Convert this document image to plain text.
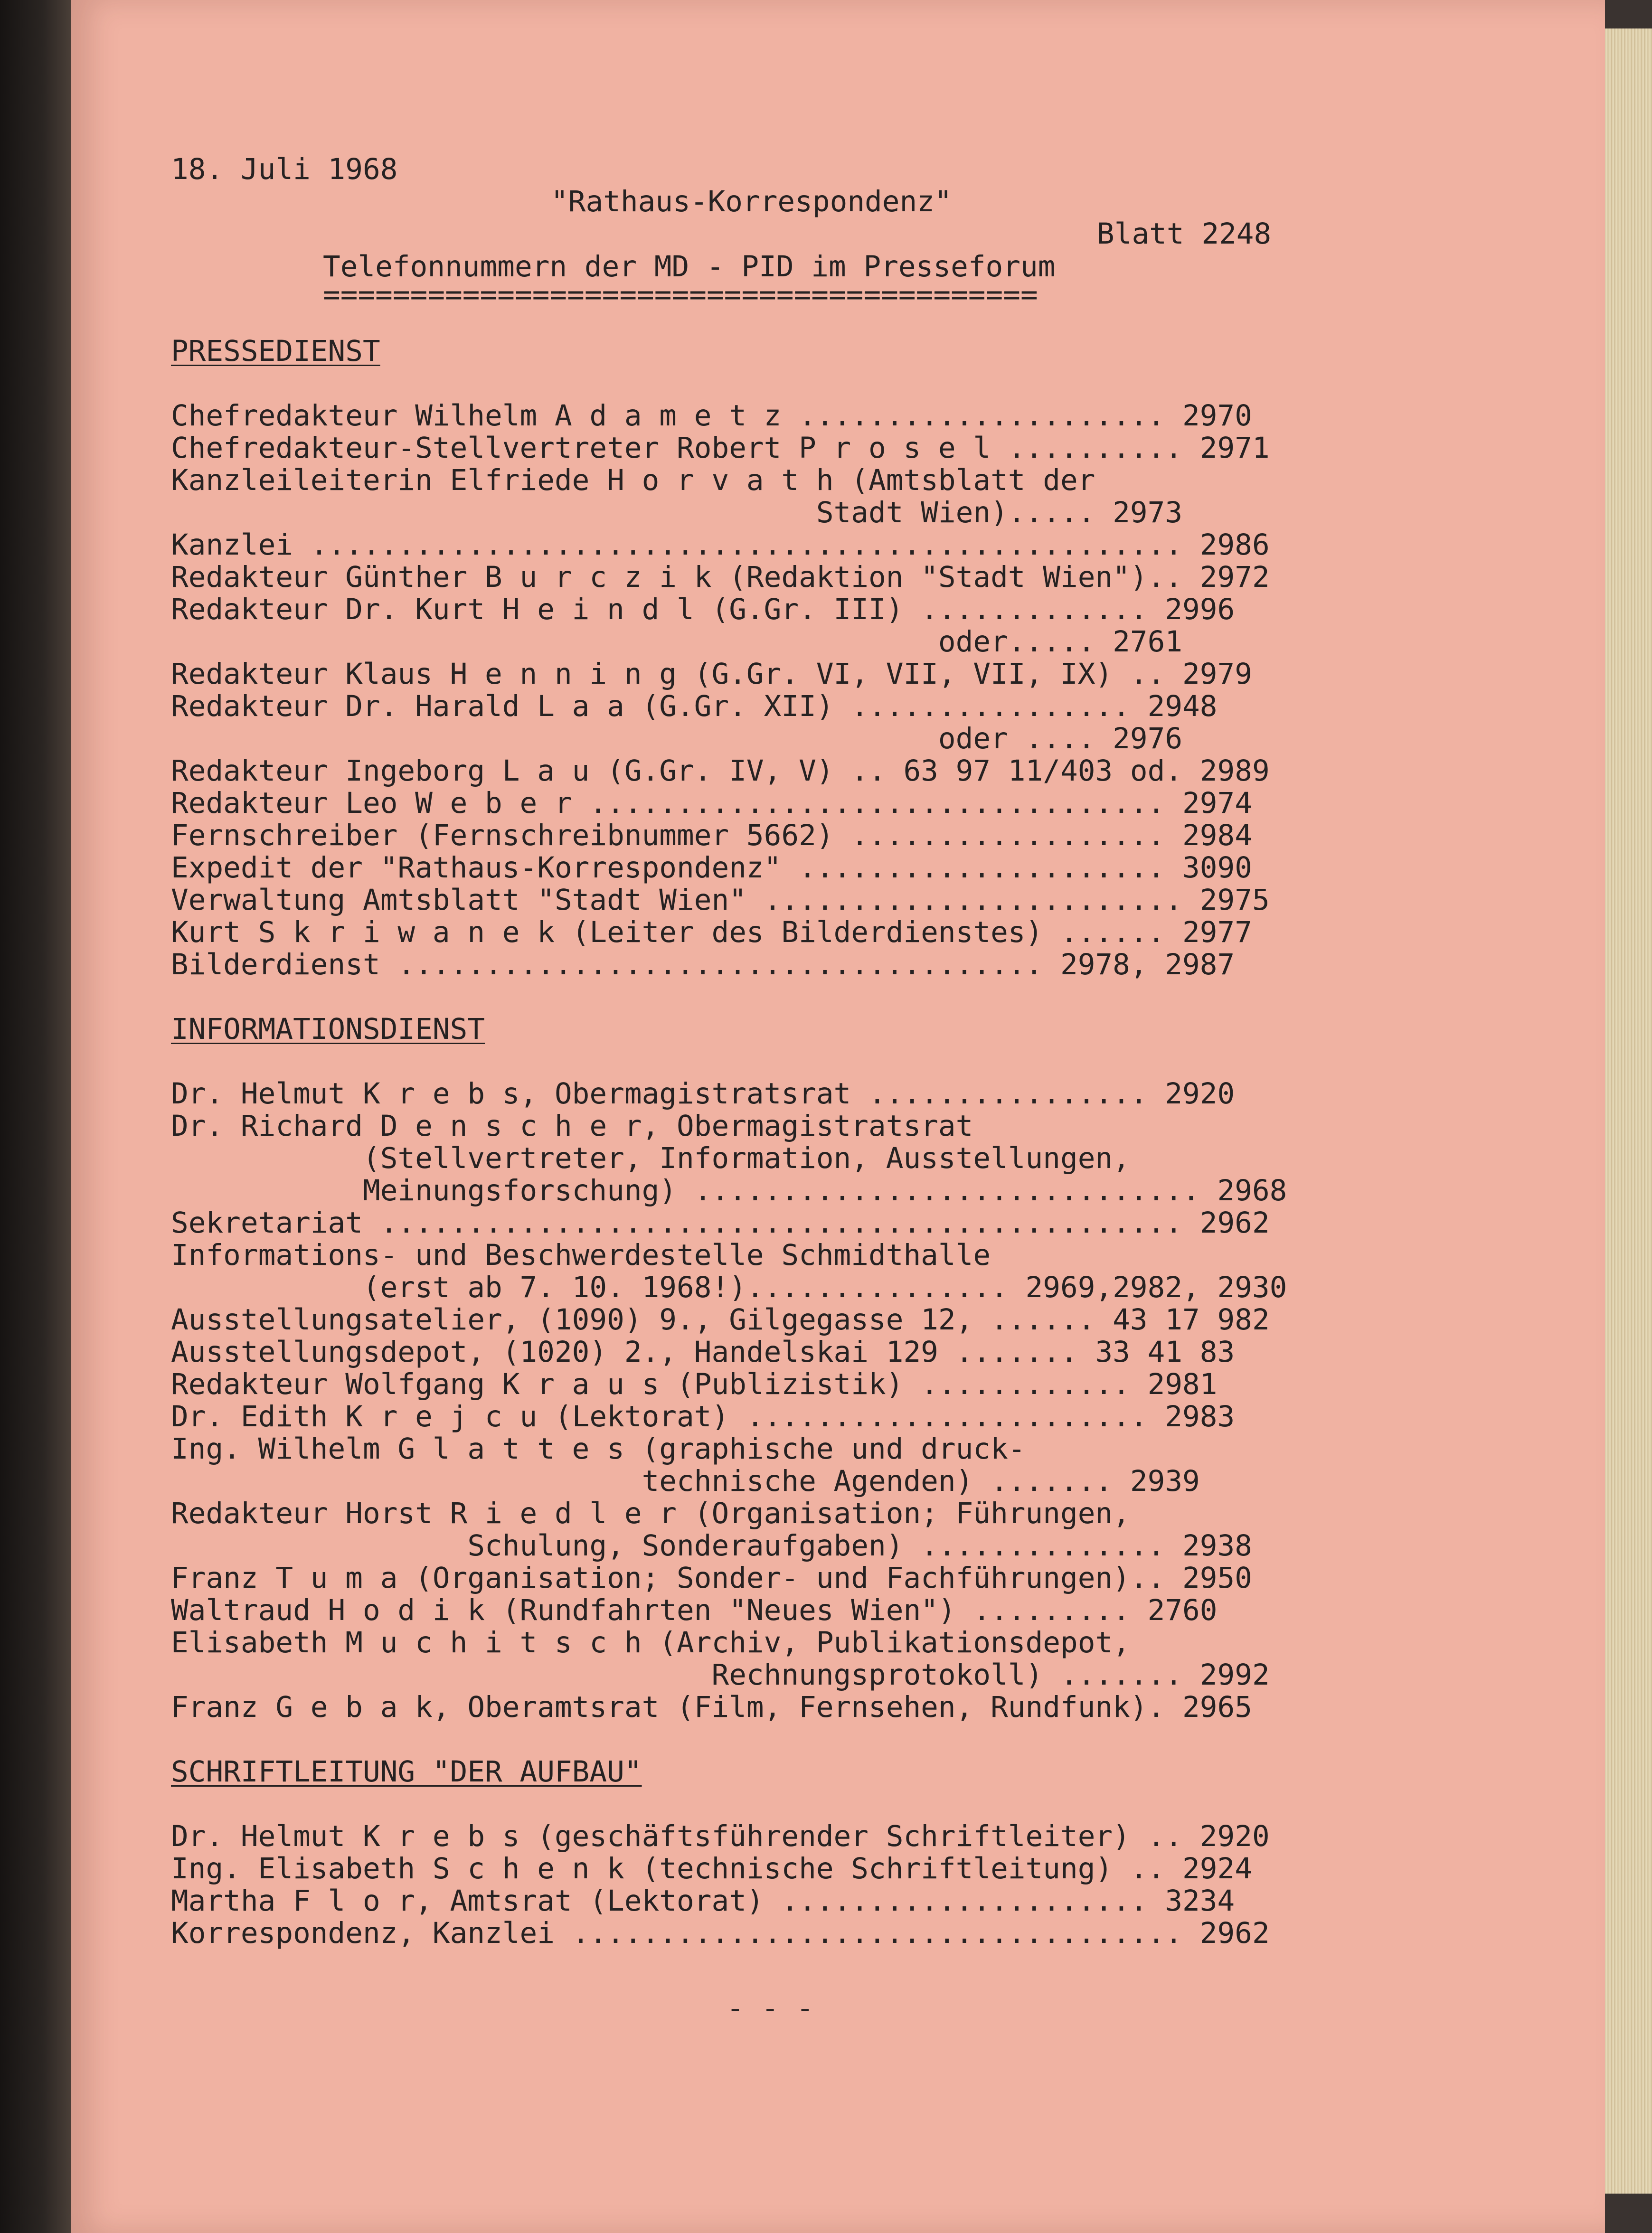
18. Juli 1968

"Rathaus-Korrespondenz"

Blatt 2248

Telefonnummern der MD - PID im Presseforum
=========================================
PRESSEDIENST
Chefredakteur Wilhelm A d a m e t z ..................... 2970
Chefredakteur-Stellvertreter Robert P r o s e l .......... 2971
Kanzleileiterin Elfriede H o r v a t h (Amtsblatt der
Stadt Wien)..... 2973
Kanzlei .................................................. 2986
Redakteur Günther B u r c z i k (Redaktion "Stadt Wien").. 2972
Redakteur Dr. Kurt H e i n d l (G.Gr. III) ............. 2996
oder..... 2761
Redakteur Klaus H e n n i n g (G.Gr. VI, VII, VII, IX) .. 2979
Redakteur Dr. Harald L a a (G.Gr. XII) ................ 2948
oder .... 2976
Redakteur Ingeborg L a u (G.Gr. IV, V) .. 63 97 11/403 od. 2989
Redakteur Leo W e b e r ................................. 2974
Fernschreiber (Fernschreibnummer 5662) .................. 2984
Expedit der "Rathaus-Korrespondenz" ..................... 3090
Verwaltung Amtsblatt "Stadt Wien" ........................ 2975
Kurt S k r i w a n e k (Leiter des Bilderdienstes) ...... 2977
Bilderdienst ..................................... 2978, 2987
INFORMATIONSDIENST
Dr. Helmut K r e b s, Obermagistratsrat ................ 2920
Dr. Richard D e n s c h e r, Obermagistratsrat
(Stellvertreter, Information, Ausstellungen,
Meinungsforschung) ............................. 2968
Sekretariat .............................................. 2962
Informations- und Beschwerdestelle Schmidthalle
(erst ab 7. 10. 1968!)............... 2969,2982, 2930
Ausstellungsatelier, (1090) 9., Gilgegasse 12, ...... 43 17 982
Ausstellungsdepot, (1020) 2., Handelskai 129 ....... 33 41 83
Redakteur Wolfgang K r a u s (Publizistik) ............ 2981
Dr. Edith K r e j c u (Lektorat) ....................... 2983
Ing. Wilhelm G l a t t e s (graphische und druck-
technische Agenden) ....... 2939
Redakteur Horst R i e d l e r (Organisation; Führungen,
Schulung, Sonderaufgaben) .............. 2938
Franz T u m a (Organisation; Sonder- und Fachführungen).. 2950
Waltraud H o d i k (Rundfahrten "Neues Wien") ......... 2760
Elisabeth M u c h i t s c h (Archiv, Publikationsdepot,
Rechnungsprotokoll) ....... 2992
Franz G e b a k, Oberamtsrat (Film, Fernsehen, Rundfunk). 2965
SCHRIFTLEITUNG "DER AUFBAU"
Dr. Helmut K r e b s (geschäftsführender Schriftleiter) .. 2920
Ing. Elisabeth S c h e n k (technische Schriftleitung) .. 2924
Martha F l o r, Amtsrat (Lektorat) ..................... 3234
Korrespondenz, Kanzlei ................................... 2962
- - -
